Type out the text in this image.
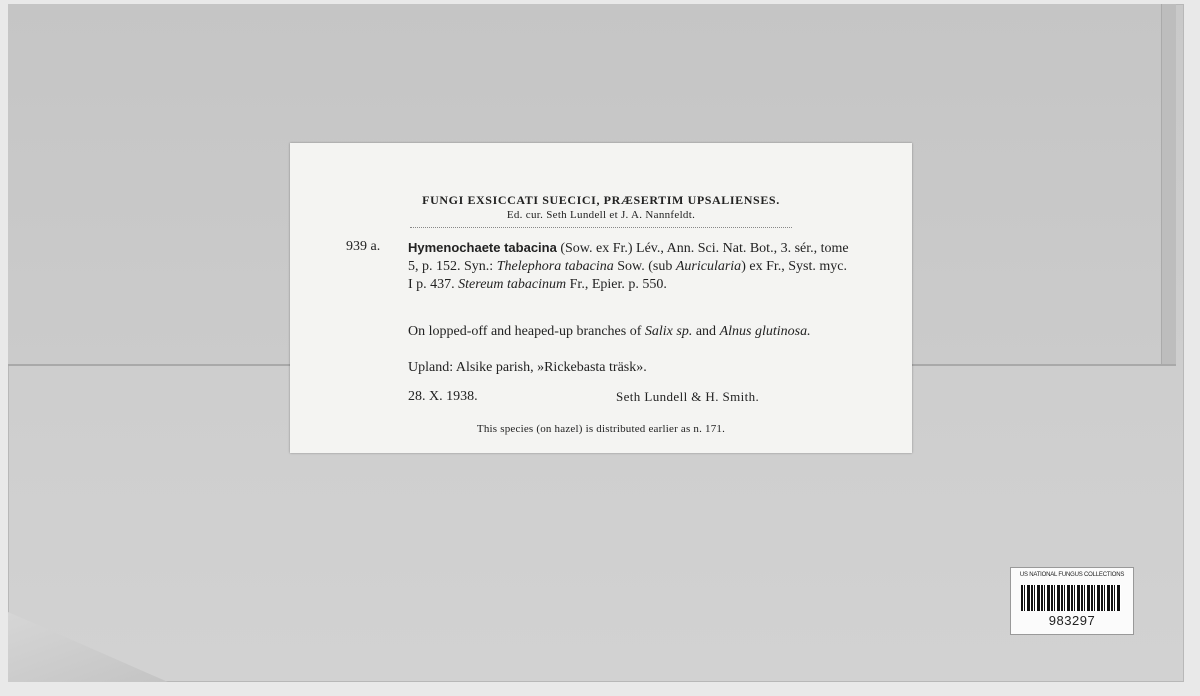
FUNGI EXSICCATI SUECICI, PRÆSERTIM UPSALIENSES.
Ed. cur. Seth Lundell et J. A. Nannfeldt.
939 a. Hymenochaete tabacina (Sow. ex Fr.) Lév., Ann. Sci. Nat. Bot., 3. sér., tome 5, p. 152. Syn.: Thelephora tabacina Sow. (sub Auricularia) ex Fr., Syst. myc. I p. 437. Stereum tabacinum Fr., Epier. p. 550.
On lopped-off and heaped-up branches of Salix sp. and Alnus glutinosa.
Upland: Alsike parish, »Rickebasta träsk».
28. X. 1938.	Seth Lundell & H. Smith.
This species (on hazel) is distributed earlier as n. 171.
US NATIONAL FUNGUS COLLECTIONS
983297
